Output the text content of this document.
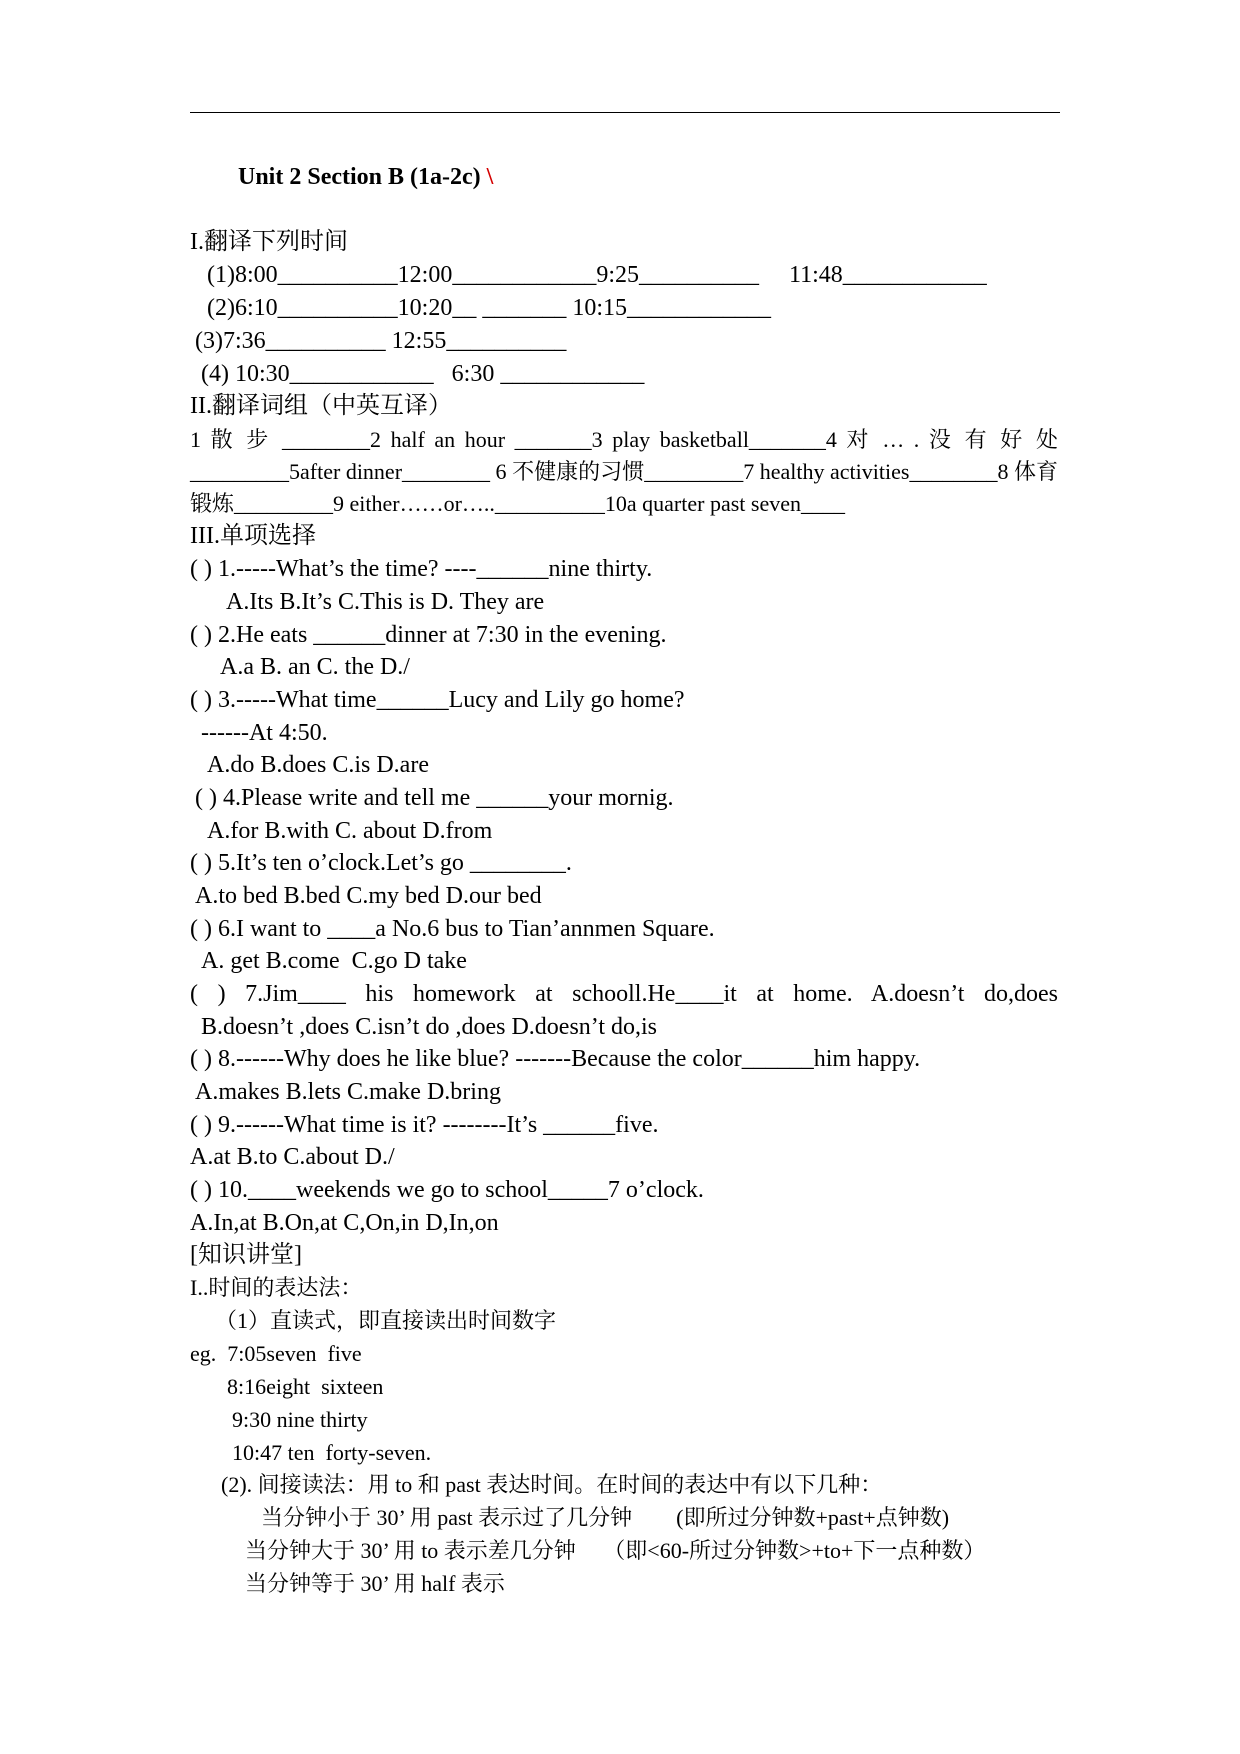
Unit 2 Section B (1a-2c) \
I.翻译下列时间
(1)8:00__________12:00____________9:25__________     11:48____________
(2)6:10__________10:20__ _______ 10:15____________
(3)7:36__________ 12:55__________
(4) 10:30____________   6:30 ____________
II.翻译词组（中英互译）
1 散 步 ________2 half an hour _______3 play basketball_______4 对 … . 没 有 好 处
_________5after dinner________ 6 不健康的习惯_________7 healthy activities________8 体育
锻炼_________9 either……or…..__________10a quarter past seven____
III.单项选择
( ) 1.-----What’s the time? ----______nine thirty.
A.Its B.It’s C.This is D. They are
( ) 2.He eats ______dinner at 7:30 in the evening.
A.a B. an C. the D./
( ) 3.-----What time______Lucy and Lily go home?
------At 4:50.
A.do B.does C.is D.are
( ) 4.Please write and tell me ______your mornig.
A.for B.with C. about D.from
( ) 5.It’s ten o’clock.Let’s go ________.
A.to bed B.bed C.my bed D.our bed
( ) 6.I want to ____a No.6 bus to Tian’annmen Square.
A. get B.come  C.go D take
( ) 7.Jim____ his homework at schooll.He____it at home. A.doesn’t do,does
B.doesn’t ,does C.isn’t do ,does D.doesn’t do,is
( ) 8.------Why does he like blue? -------Because the color______him happy.
A.makes B.lets C.make D.bring
( ) 9.------What time is it? --------It’s ______five.
A.at B.to C.about D./
( ) 10.____weekends we go to school_____7 o’clock.
A.In,at B.On,at C,On,in D,In,on
[知识讲堂]
I..时间的表达法：
（1）直读式，即直接读出时间数字
eg.  7:05seven  five
8:16eight  sixteen
9:30 nine thirty
10:47 ten  forty-seven.
(2). 间接读法：用 to 和 past 表达时间。在时间的表达中有以下几种：
当分钟小于 30’ 用 past 表示过了几分钟        (即所过分钟数+past+点钟数)
当分钟大于 30’ 用 to 表示差几分钟     （即<60-所过分钟数>+to+下一点种数）
当分钟等于 30’ 用 half 表示
